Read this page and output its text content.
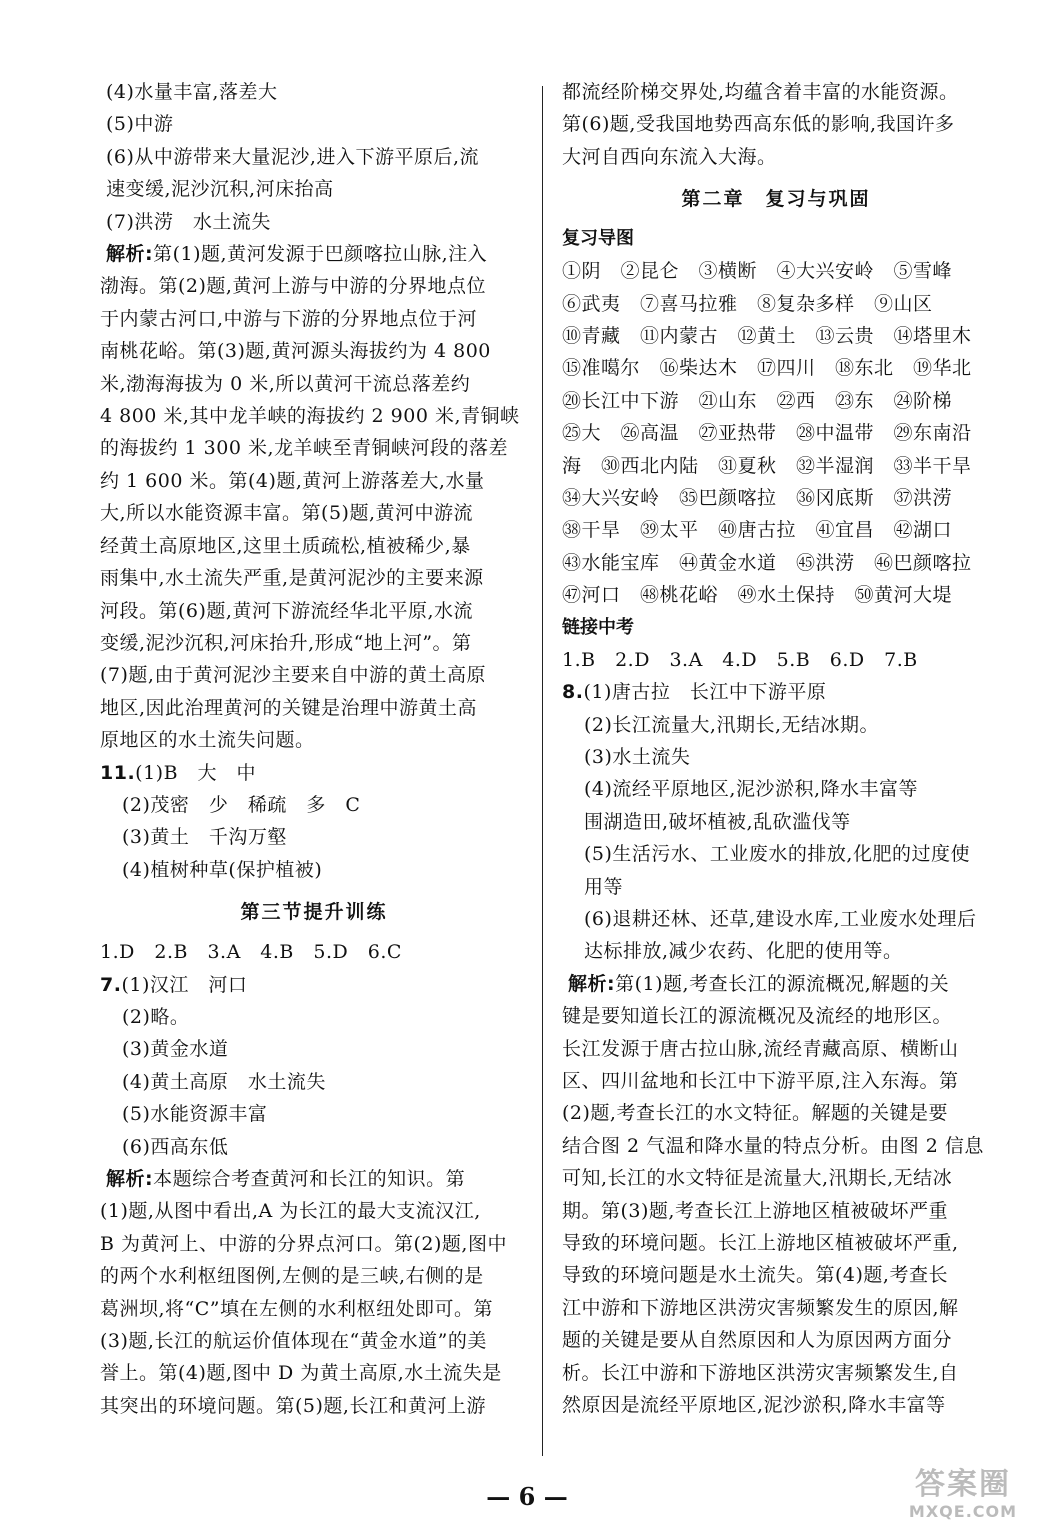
(4)水量丰富,落差大
(5)中游
(6)从中游带来大量泥沙,进入下游平原后,流
速变缓,泥沙沉积,河床抬高
(7)洪涝　水土流失
解析:第(1)题,黄河发源于巴颜喀拉山脉,注入
渤海。第(2)题,黄河上游与中游的分界地点位
于内蒙古河口,中游与下游的分界地点位于河
南桃花峪。第(3)题,黄河源头海拔约为 4 800
米,渤海海拔为 0 米,所以黄河干流总落差约
4 800 米,其中龙羊峡的海拔约 2 900 米,青铜峡
的海拔约 1 300 米,龙羊峡至青铜峡河段的落差
约 1 600 米。第(4)题,黄河上游落差大,水量
大,所以水能资源丰富。第(5)题,黄河中游流
经黄土高原地区,这里土质疏松,植被稀少,暴
雨集中,水土流失严重,是黄河泥沙的主要来源
河段。第(6)题,黄河下游流经华北平原,水流
变缓,泥沙沉积,河床抬升,形成“地上河”。第
(7)题,由于黄河泥沙主要来自中游的黄土高原
地区,因此治理黄河的关键是治理中游黄土高
原地区的水土流失问题。
11.(1)B　大　中
(2)茂密　少　稀疏　多　C
(3)黄土　千沟万壑
(4)植树种草(保护植被)
第三节提升训练
1.D　2.B　3.A　4.B　5.D　6.C
7.(1)汉江　河口
(2)略。
(3)黄金水道
(4)黄土高原　水土流失
(5)水能资源丰富
(6)西高东低
解析:本题综合考查黄河和长江的知识。第
(1)题,从图中看出,A 为长江的最大支流汉江,
B 为黄河上、中游的分界点河口。第(2)题,图中
的两个水利枢纽图例,左侧的是三峡,右侧的是
葛洲坝,将“C”填在左侧的水利枢纽处即可。第
(3)题,长江的航运价值体现在“黄金水道”的美
誉上。第(4)题,图中 D 为黄土高原,水土流失是
其突出的环境问题。第(5)题,长江和黄河上游
都流经阶梯交界处,均蕴含着丰富的水能资源。
第(6)题,受我国地势西高东低的影响,我国许多
大河自西向东流入大海。
第二章　复习与巩固
复习导图
①阴　②昆仑　③横断　④大兴安岭　⑤雪峰
⑥武夷　⑦喜马拉雅　⑧复杂多样　⑨山区
⑩青藏　⑪内蒙古　⑫黄土　⑬云贵　⑭塔里木
⑮准噶尔　⑯柴达木　⑰四川　⑱东北　⑲华北
⑳长江中下游　㉑山东　㉒西　㉓东　㉔阶梯
㉕大　㉖高温　㉗亚热带　㉘中温带　㉙东南沿
海　㉚西北内陆　㉛夏秋　㉜半湿润　㉝半干旱
㉞大兴安岭　㉟巴颜喀拉　㊱冈底斯　㊲洪涝
㊳干旱　㊴太平　㊵唐古拉　㊶宜昌　㊷湖口
㊸水能宝库　㊹黄金水道　㊺洪涝　㊻巴颜喀拉
㊼河口　㊽桃花峪　㊾水土保持　㊿黄河大堤
链接中考
1.B　2.D　3.A　4.D　5.B　6.D　7.B
8.(1)唐古拉　长江中下游平原
(2)长江流量大,汛期长,无结冰期。
(3)水土流失
(4)流经平原地区,泥沙淤积,降水丰富等
围湖造田,破坏植被,乱砍滥伐等
(5)生活污水、工业废水的排放,化肥的过度使
用等
(6)退耕还林、还草,建设水库,工业废水处理后
达标排放,减少农药、化肥的使用等。
解析:第(1)题,考查长江的源流概况,解题的关
键是要知道长江的源流概况及流经的地形区。
长江发源于唐古拉山脉,流经青藏高原、横断山
区、四川盆地和长江中下游平原,注入东海。第
(2)题,考查长江的水文特征。解题的关键是要
结合图 2 气温和降水量的特点分析。由图 2 信息
可知,长江的水文特征是流量大,汛期长,无结冰
期。第(3)题,考查长江上游地区植被破坏严重
导致的环境问题。长江上游地区植被破坏严重,
导致的环境问题是水土流失。第(4)题,考查长
江中游和下游地区洪涝灾害频繁发生的原因,解
题的关键是要从自然原因和人为原因两方面分
析。长江中游和下游地区洪涝灾害频繁发生,自
然原因是流经平原地区,泥沙淤积,降水丰富等
— 6 —	答案圈
MXQE.COM
